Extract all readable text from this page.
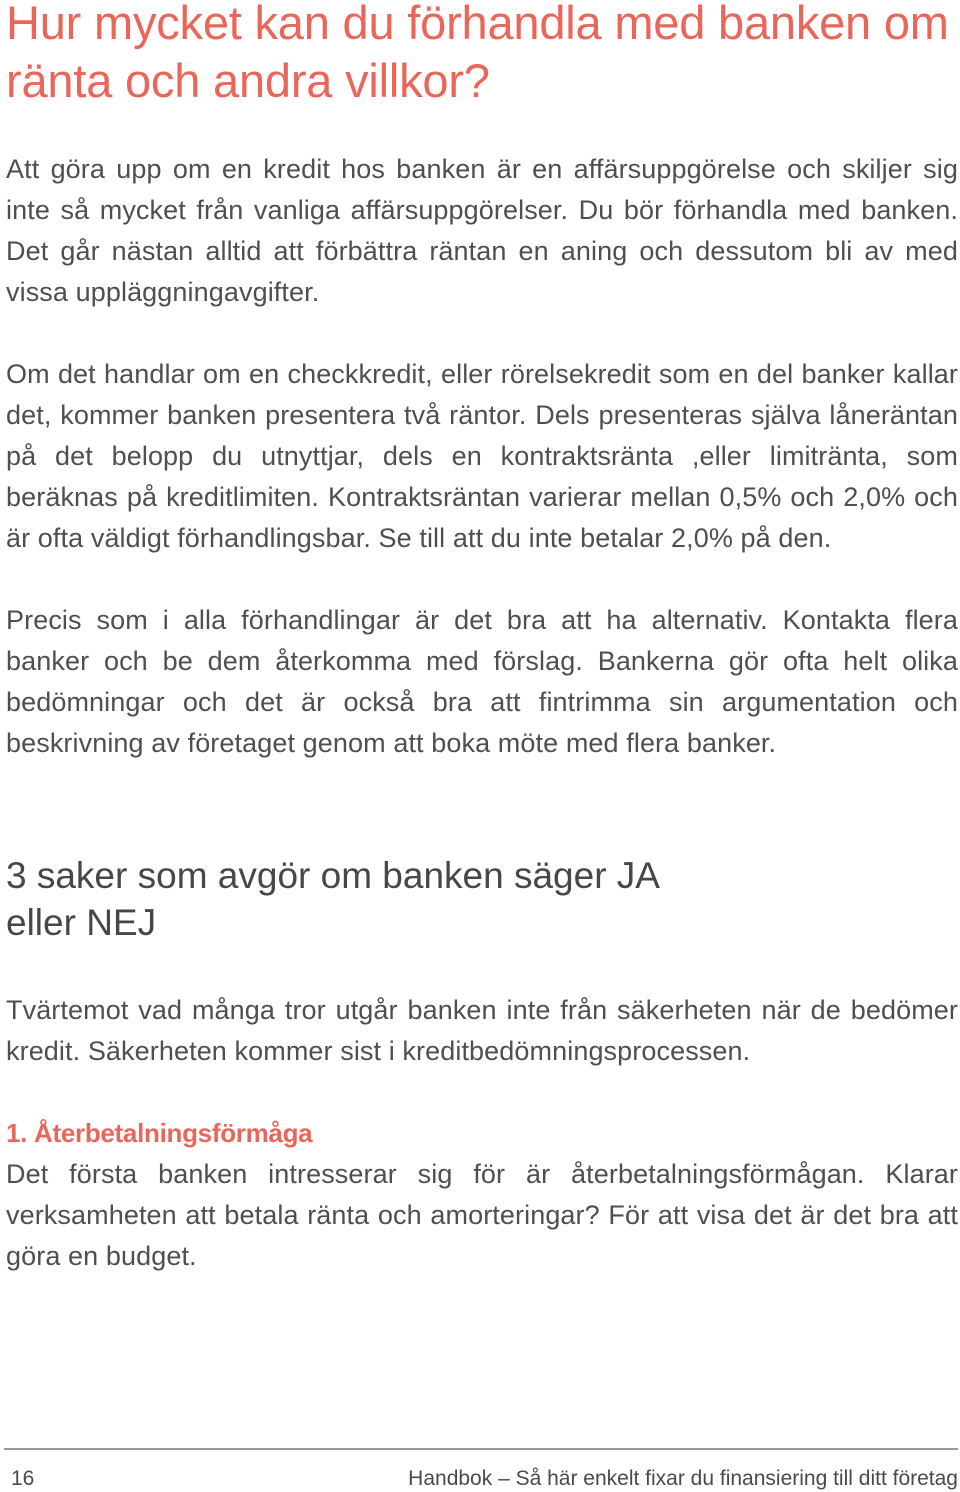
Hur mycket kan du förhandla med banken om ränta och andra villkor?

Att göra upp om en kredit hos banken är en affärsuppgörelse och skiljer sig inte så mycket från vanliga affärsuppgörelser. Du bör förhandla med banken. Det går nästan alltid att förbättra räntan en aning och dessutom bli av med vissa uppläggningavgifter.

Om det handlar om en checkkredit, eller rörelsekredit som en del banker kallar det, kommer banken presentera två räntor. Dels presenteras själva låneräntan på det belopp du utnyttjar, dels en kontraktsränta ,eller limitränta, som beräknas på kreditlimiten. Kontraktsräntan varierar mellan 0,5% och 2,0% och är ofta väldigt förhandlingsbar. Se till att du inte betalar 2,0% på den.

Precis som i alla förhandlingar är det bra att ha alternativ. Kontakta flera banker och be dem återkomma med förslag. Bankerna gör ofta helt olika bedömningar och det är också bra att fintrimma sin argumentation och beskrivning av företaget genom att boka möte med flera banker.

3 saker som avgör om banken säger JA eller NEJ

Tvärtemot vad många tror utgår banken inte från säkerheten när de bedömer kredit. Säkerheten kommer sist i kreditbedömningsprocessen.

1. Återbetalningsförmåga

Det första banken intresserar sig för är återbetalningsförmågan. Klarar verksamheten att betala ränta och amorteringar? För att visa det är det bra att göra en budget.

16	Handbok – Så här enkelt fixar du finansiering till ditt företag
